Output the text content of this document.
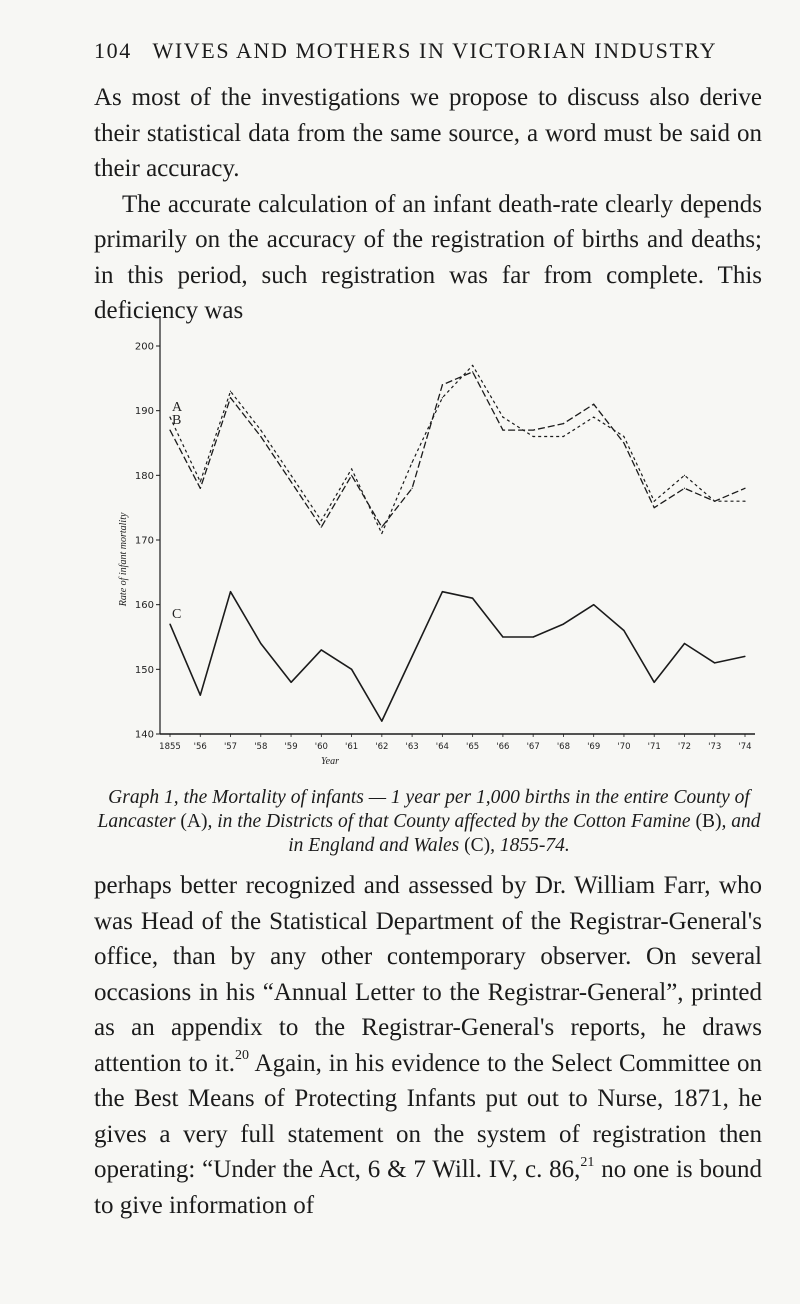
104 WIVES AND MOTHERS IN VICTORIAN INDUSTRY

As most of the investigations we propose to discuss also derive their statistical data from the same source, a word must be said on their accuracy.
The accurate calculation of an infant death-rate clearly depends primarily on the accuracy of the registration of births and deaths; in this period, such registration was far from complete. This deficiency was

140
150
160
170
180
190
200
1855 '56 '57 '58 '59 '60 '61 '62 '63 '64 '65 '66 '67 '68 '69 '70 '71 '72 '73 '74
Year
Rate of infant mortality
A
B
C

Graph 1, the Mortality of infants — 1 year per 1,000 births in the entire County of Lancaster (A), in the Districts of that County affected by the Cotton Famine (B), and in England and Wales (C), 1855-74.

perhaps better recognized and assessed by Dr. William Farr, who was Head of the Statistical Department of the Registrar-General's office, than by any other contemporary observer. On several occasions in his “Annual Letter to the Registrar-General”, printed as an appendix to the Registrar-General's reports, he draws attention to it.$^{20}$ Again, in his evidence to the Select Committee on the Best Means of Protecting Infants put out to Nurse, 1871, he gives a very full statement on the system of registration then operating: “Under the Act, 6 & 7 Will. IV, c. 86,21 no one is bound to give information of
